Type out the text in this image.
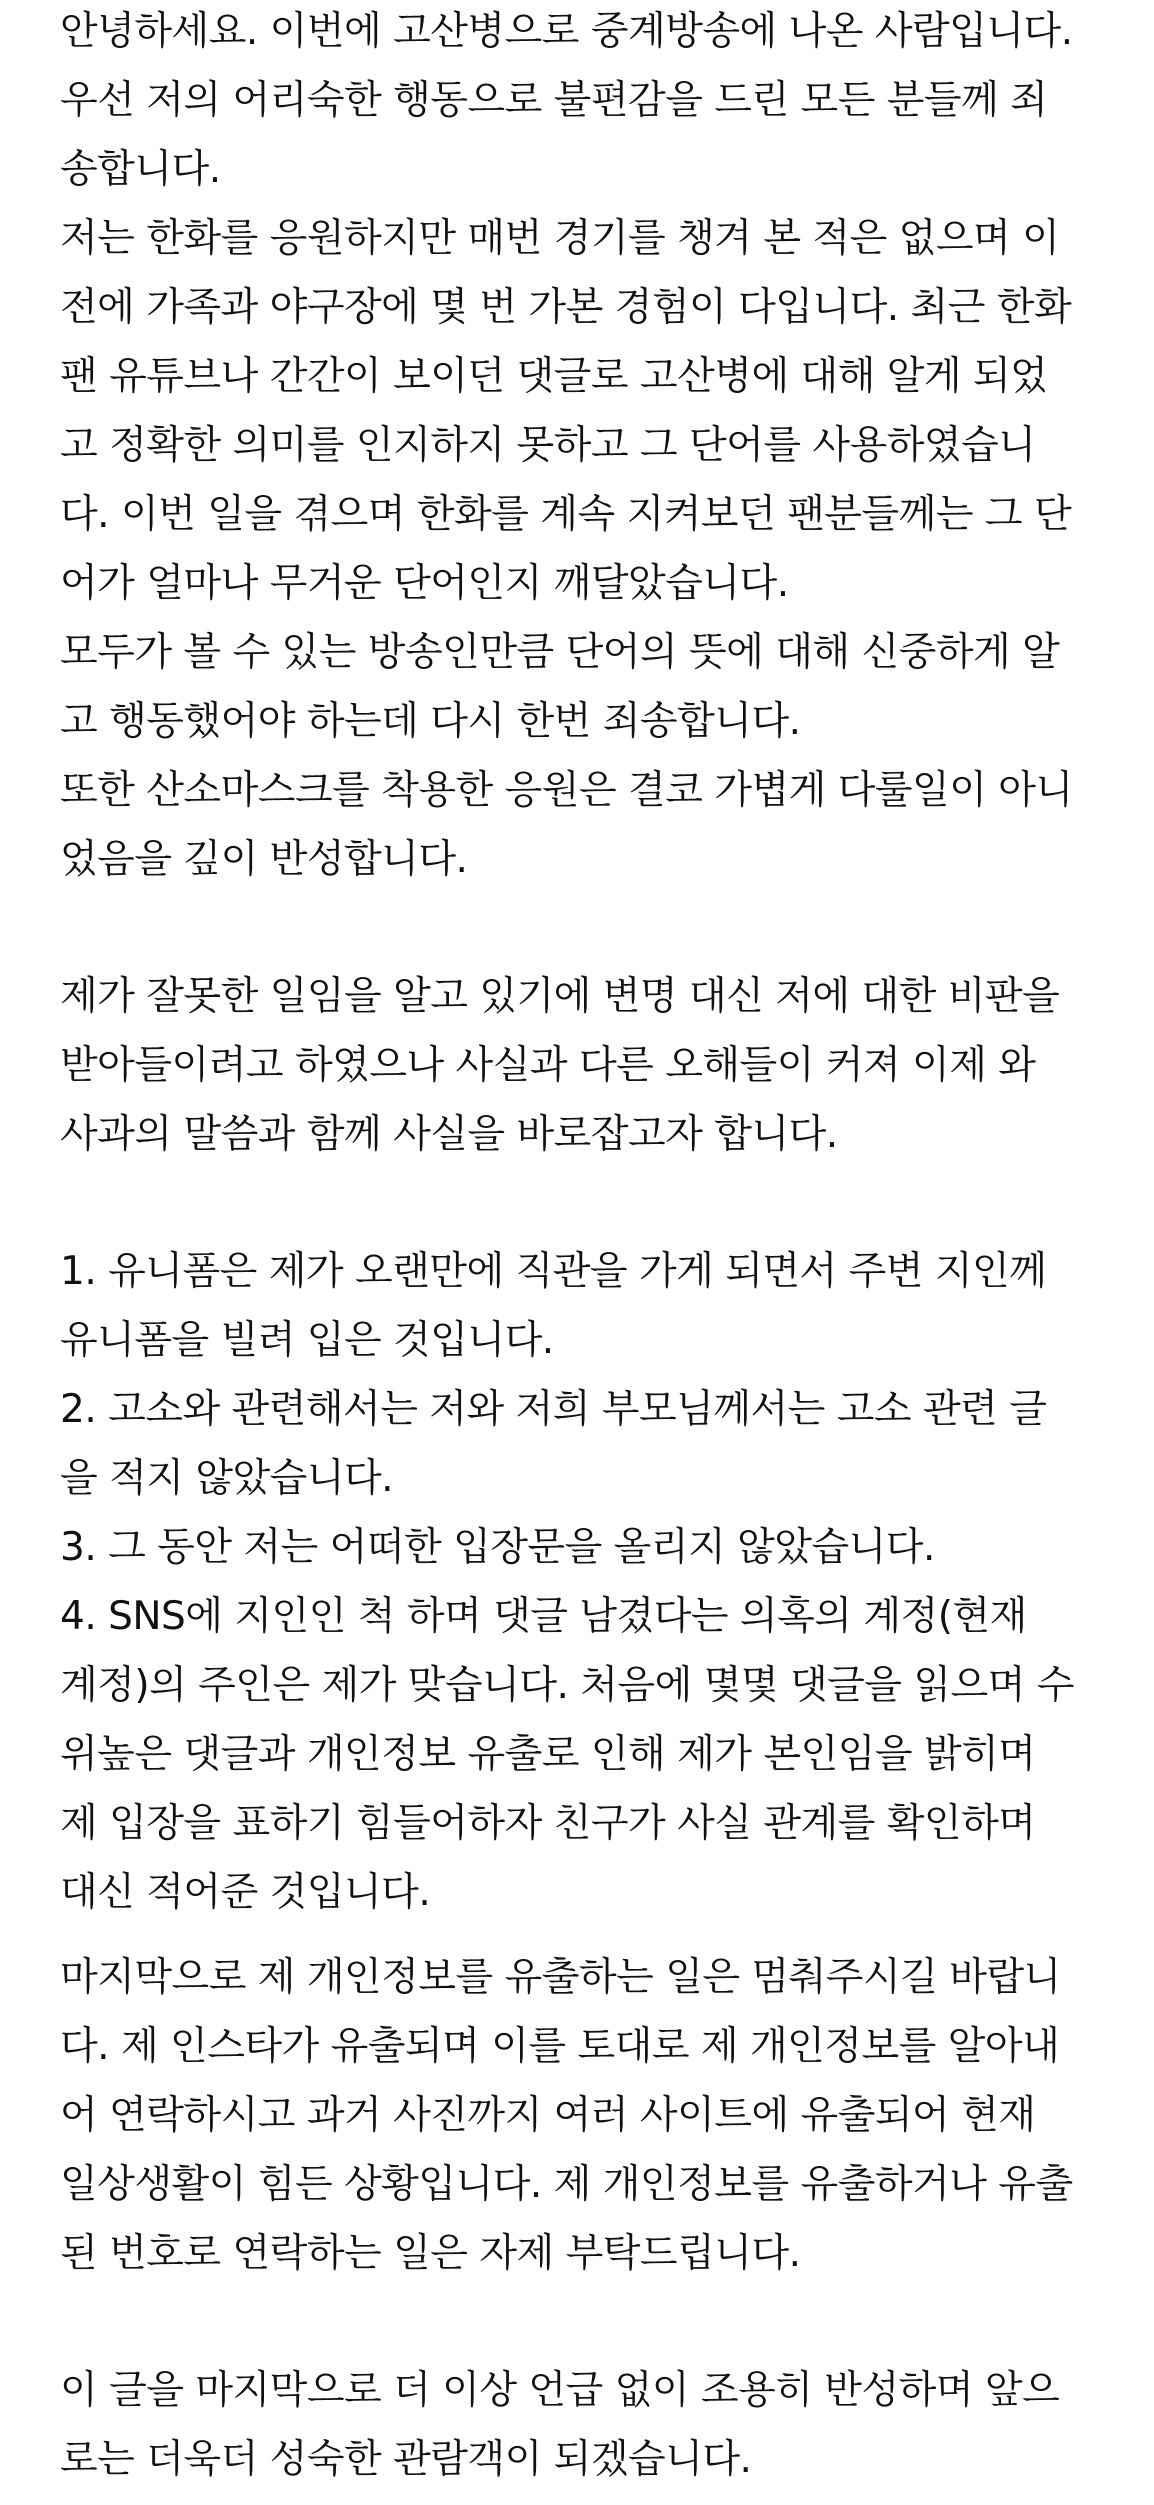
안녕하세요. 이번에 고산병으로 중계방송에 나온 사람입니다.

우선 저의 어리숙한 행동으로 불편감을 드린 모든 분들께 죄

송합니다.

저는 한화를 응원하지만 매번 경기를 챙겨 본 적은 없으며 이

전에 가족과 야구장에 몇 번 가본 경험이 다입니다. 최근 한화

팬 유튜브나 간간이 보이던 댓글로 고산병에 대해 알게 되었

고 정확한 의미를 인지하지 못하고 그 단어를 사용하였습니

다. 이번 일을 겪으며 한화를 계속 지켜보던 팬분들께는 그 단

어가 얼마나 무거운 단어인지 깨달았습니다.

모두가 볼 수 있는 방송인만큼 단어의 뜻에 대해 신중하게 알

고 행동했어야 하는데 다시 한번 죄송합니다.

또한 산소마스크를 착용한 응원은 결코 가볍게 다룰일이 아니

었음을 깊이 반성합니다.

제가 잘못한 일임을 알고 있기에 변명 대신 저에 대한 비판을

받아들이려고 하였으나 사실과 다른 오해들이 커져 이제 와

사과의 말씀과 함께 사실을 바로잡고자 합니다.

1. 유니폼은 제가 오랜만에 직관을 가게 되면서 주변 지인께

유니폼을 빌려 입은 것입니다.

2. 고소와 관련해서는 저와 저희 부모님께서는 고소 관련 글

을 적지 않았습니다.

3. 그 동안 저는 어떠한 입장문을 올리지 않았습니다.

4. SNS에 지인인 척 하며 댓글 남겼다는 의혹의 계정(현재

계정)의 주인은 제가 맞습니다. 처음에 몇몇 댓글을 읽으며 수

위높은 댓글과 개인정보 유출로 인해 제가 본인임을 밝히며

제 입장을 표하기 힘들어하자 친구가 사실 관계를 확인하며

대신 적어준 것입니다.

마지막으로 제 개인정보를 유출하는 일은 멈춰주시길 바랍니

다. 제 인스타가 유출되며 이를 토대로 제 개인정보를 알아내

어 연락하시고 과거 사진까지 여러 사이트에 유출되어 현재

일상생활이 힘든 상황입니다. 제 개인정보를 유출하거나 유출

된 번호로 연락하는 일은 자제 부탁드립니다.

이 글을 마지막으로 더 이상 언급 없이 조용히 반성하며 앞으

로는 더욱더 성숙한 관람객이 되겠습니다.
